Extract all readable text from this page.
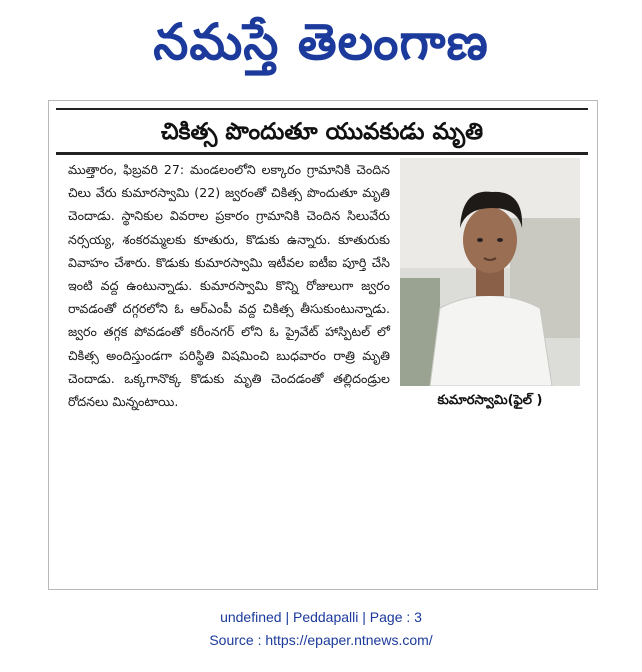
నమస్తే తెలంగాణ
చికిత్స పొందుతూ యువకుడు మృతి
కుమారస్వామి(ఫైల్ )

ముత్తారం, ఫిబ్రవరి 27: మండలంలోని లక్కారం గ్రామానికి చెందిన చిలు వేరు కుమారస్వామి (22) జ్వరంతో చికిత్స పొందుతూ మృతి చెందాడు. స్థానికుల వివరాల ప్రకారం గ్రామానికి చెందిన సిలువేరు నర్సయ్య, శంకరమ్మలకు కూతురు, కొడుకు ఉన్నారు. కూతురుకు వివాహం చేశారు. కొడుకు కుమారస్వామి ఇటీవల ఐటీఐ పూర్తి చేసి ఇంటి వద్ద ఉంటున్నాడు. కుమారస్వామి కొన్ని రోజులుగా జ్వరం రావడంతో దగ్గరలోని ఓ ఆర్ఎంపీ వద్ద చికిత్స తీసుకుంటున్నాడు. జ్వరం తగ్గక పోవడంతో కరీంనగర్ లోని ఓ ప్రైవేట్ హాస్పిటల్ లో చికిత్స అందిస్తుండగా పరిస్థితి విషమించి బుధవారం రాత్రి మృతి చెందాడు. ఒక్కగానొక్క కొడుకు మృతి చెందడంతో తల్లిదండ్రుల రోదనలు మిన్నంటాయి.

undefined | Peddapalli | Page : 3
Source : https://epaper.ntnews.com/
